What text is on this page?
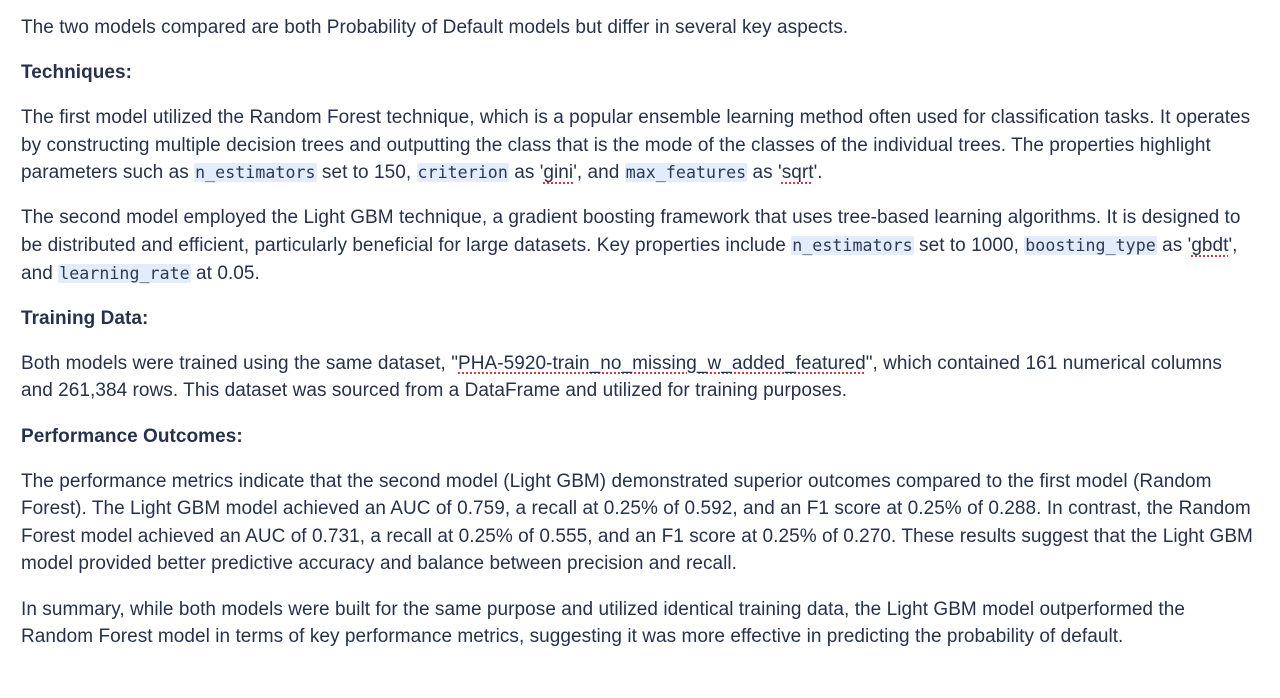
The two models compared are both Probability of Default models but differ in several key aspects.

Techniques:

The first model utilized the Random Forest technique, which is a popular ensemble learning method often used for classification tasks. It operates by constructing multiple decision trees and outputting the class that is the mode of the classes of the individual trees. The properties highlight parameters such as n_estimators set to 150, criterion as 'gini', and max_features as 'sqrt'.

The second model employed the Light GBM technique, a gradient boosting framework that uses tree-based learning algorithms. It is designed to be distributed and efficient, particularly beneficial for large datasets. Key properties include n_estimators set to 1000, boosting_type as 'gbdt', and learning_rate at 0.05.

Training Data:

Both models were trained using the same dataset, "PHA-5920-train_no_missing_w_added_featured", which contained 161 numerical columns and 261,384 rows. This dataset was sourced from a DataFrame and utilized for training purposes.

Performance Outcomes:

The performance metrics indicate that the second model (Light GBM) demonstrated superior outcomes compared to the first model (Random Forest). The Light GBM model achieved an AUC of 0.759, a recall at 0.25% of 0.592, and an F1 score at 0.25% of 0.288. In contrast, the Random Forest model achieved an AUC of 0.731, a recall at 0.25% of 0.555, and an F1 score at 0.25% of 0.270. These results suggest that the Light GBM model provided better predictive accuracy and balance between precision and recall.

In summary, while both models were built for the same purpose and utilized identical training data, the Light GBM model outperformed the Random Forest model in terms of key performance metrics, suggesting it was more effective in predicting the probability of default.
